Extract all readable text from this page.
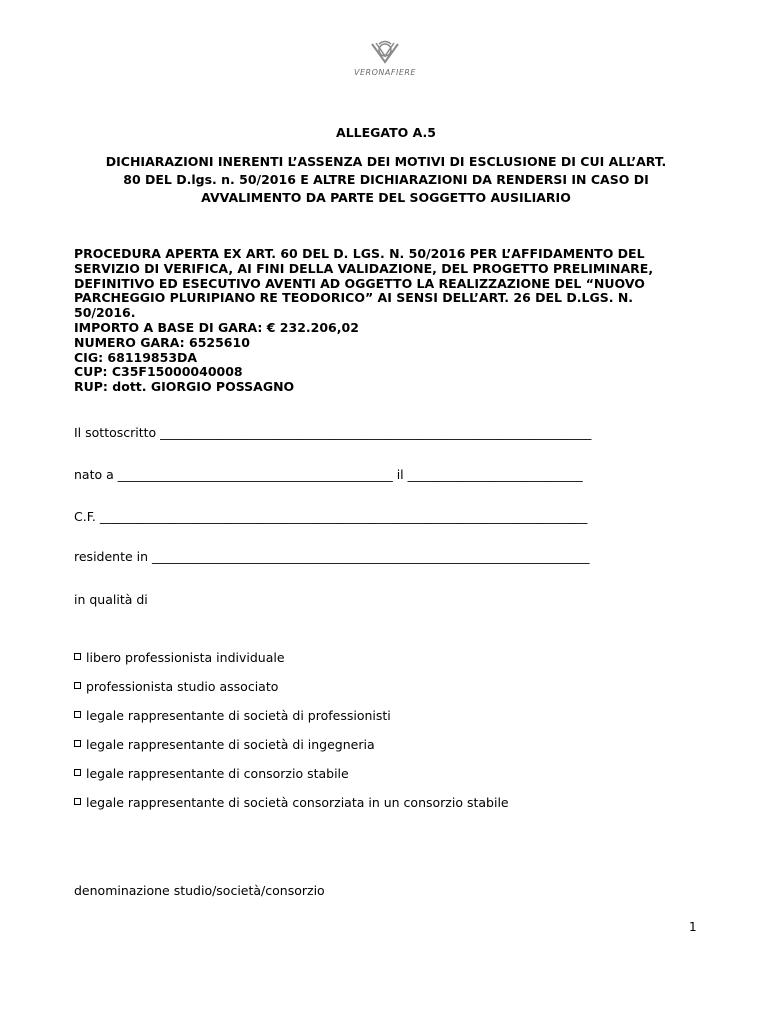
VERONAFIERE
ALLEGATO A.5
DICHIARAZIONI INERENTI L’ASSENZA DEI MOTIVI DI ESCLUSIONE DI CUI ALL’ART.
80 DEL D.lgs. n. 50/2016 E ALTRE DICHIARAZIONI DA RENDERSI IN CASO DI
AVVALIMENTO DA PARTE DEL SOGGETTO AUSILIARIO
PROCEDURA APERTA EX ART. 60 DEL D. LGS. N. 50/2016 PER L’AFFIDAMENTO DEL
SERVIZIO DI VERIFICA, AI FINI DELLA VALIDAZIONE, DEL PROGETTO PRELIMINARE,
DEFINITIVO ED ESECUTIVO AVENTI AD OGGETTO LA REALIZZAZIONE DEL “NUOVO
PARCHEGGIO PLURIPIANO RE TEODORICO” AI SENSI DELL’ART. 26 DEL D.LGS. N.
50/2016.
IMPORTO A BASE DI GARA: € 232.206,02
NUMERO GARA: 6525610
CIG: 68119853DA
CUP: C35F15000040008
RUP: dott. GIORGIO POSSAGNO
Il sottoscritto _____________________________________________________________________
nato a ____________________________________________ il ____________________________
C.F. ______________________________________________________________________________
residente in ______________________________________________________________________
in qualità di
libero professionista individuale
professionista studio associato
legale rappresentante di società di professionisti
legale rappresentante di società di ingegneria
legale rappresentante di consorzio stabile
legale rappresentante di società consorziata in un consorzio stabile
denominazione studio/società/consorzio
1
